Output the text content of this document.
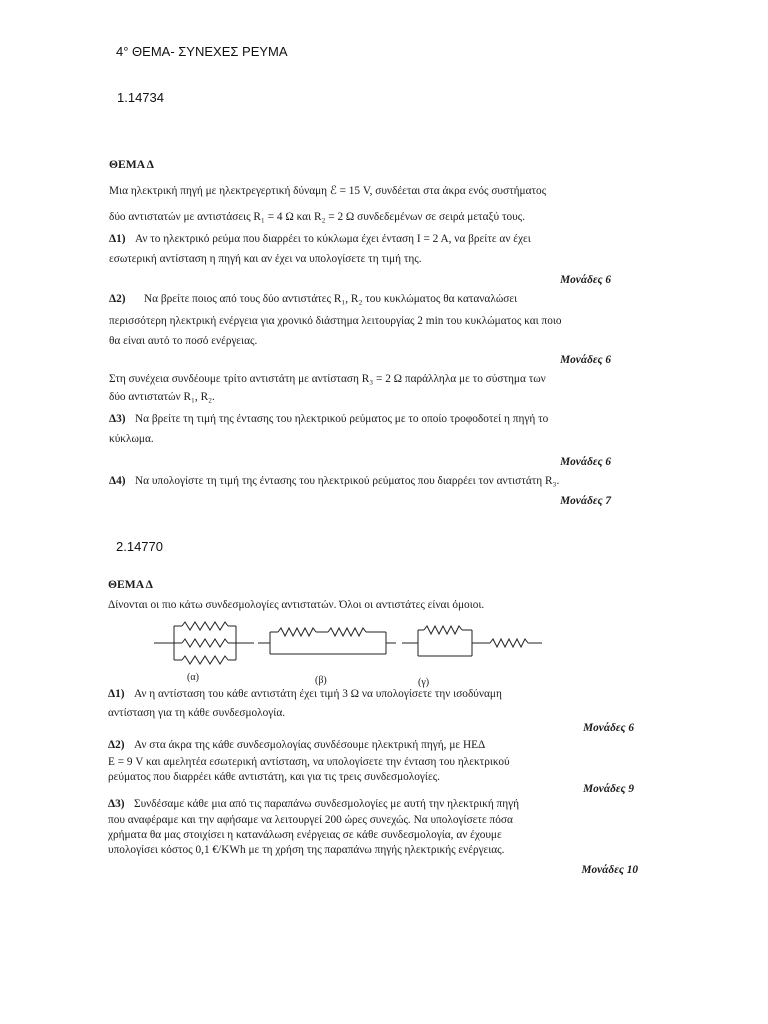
4° ΘΕΜΑ- ΣΥΝΕΧΕΣ ΡΕΥΜΑ
1.14734

ΘΕΜΑ Δ

Μια ηλεκτρική πηγή με ηλεκτρεγερτική δύναμη ℰ = 15 V, συνδέεται στα άκρα ενός συστήματος

δύο αντιστατών με αντιστάσεις R₁ = 4 Ω και R₂ = 2 Ω συνδεδεμένων σε σειρά μεταξύ τους.

Δ1) Αν το ηλεκτρικό ρεύμα που διαρρέει το κύκλωμα έχει ένταση I = 2 A, να βρείτε αν έχει

εσωτερική αντίσταση η πηγή και αν έχει να υπολογίσετε τη τιμή της.

Μονάδες 6

Δ2) Να βρείτε ποιος από τους δύο αντιστάτες R₁, R₂ του κυκλώματος θα καταναλώσει

περισσότερη ηλεκτρική ενέργεια για χρονικό διάστημα λειτουργίας 2 min του κυκλώματος και ποιο

θα είναι αυτό το ποσό ενέργειας.

Μονάδες 6

Στη συνέχεια συνδέουμε τρίτο αντιστάτη με αντίσταση R₃ = 2 Ω παράλληλα με το σύστημα των

δύο αντιστατών R₁, R₂.

Δ3) Να βρείτε τη τιμή της έντασης του ηλεκτρικού ρεύματος με το οποίο τροφοδοτεί η πηγή το

κύκλωμα.

Μονάδες 6

Δ4) Να υπολογίστε τη τιμή της έντασης του ηλεκτρικού ρεύματος που διαρρέει τον αντιστάτη R₃.

Μονάδες 7

2.14770

ΘΕΜΑ Δ

Δίνονται οι πιο κάτω συνδεσμολογίες αντιστατών. Όλοι οι αντιστάτες είναι όμοιοι.

Δ1) Αν η αντίσταση του κάθε αντιστάτη έχει τιμή 3 Ω να υπολογίσετε την ισοδύναμη

αντίσταση για τη κάθε συνδεσμολογία.

Μονάδες 6

Δ2) Αν στα άκρα της κάθε συνδεσμολογίας συνδέσουμε ηλεκτρική πηγή, με ΗΕΔ

E = 9 V και αμελητέα εσωτερική αντίσταση, να υπολογίσετε την ένταση του ηλεκτρικού

ρεύματος που διαρρέει κάθε αντιστάτη, και για τις τρεις συνδεσμολογίες.

Μονάδες 9

Δ3) Συνδέσαμε κάθε μια από τις παραπάνω συνδεσμολογίες με αυτή την ηλεκτρική πηγή

που αναφέραμε και την αφήσαμε να λειτουργεί 200 ώρες συνεχώς. Να υπολογίσετε πόσα

χρήματα θα μας στοιχίσει η κατανάλωση ενέργειας σε κάθε συνδεσμολογία, αν έχουμε

υπολογίσει κόστος 0,1 €/KWh με τη χρήση της παραπάνω πηγής ηλεκτρικής ενέργειας.

Μονάδες 10

(α)	(β)	(γ)
